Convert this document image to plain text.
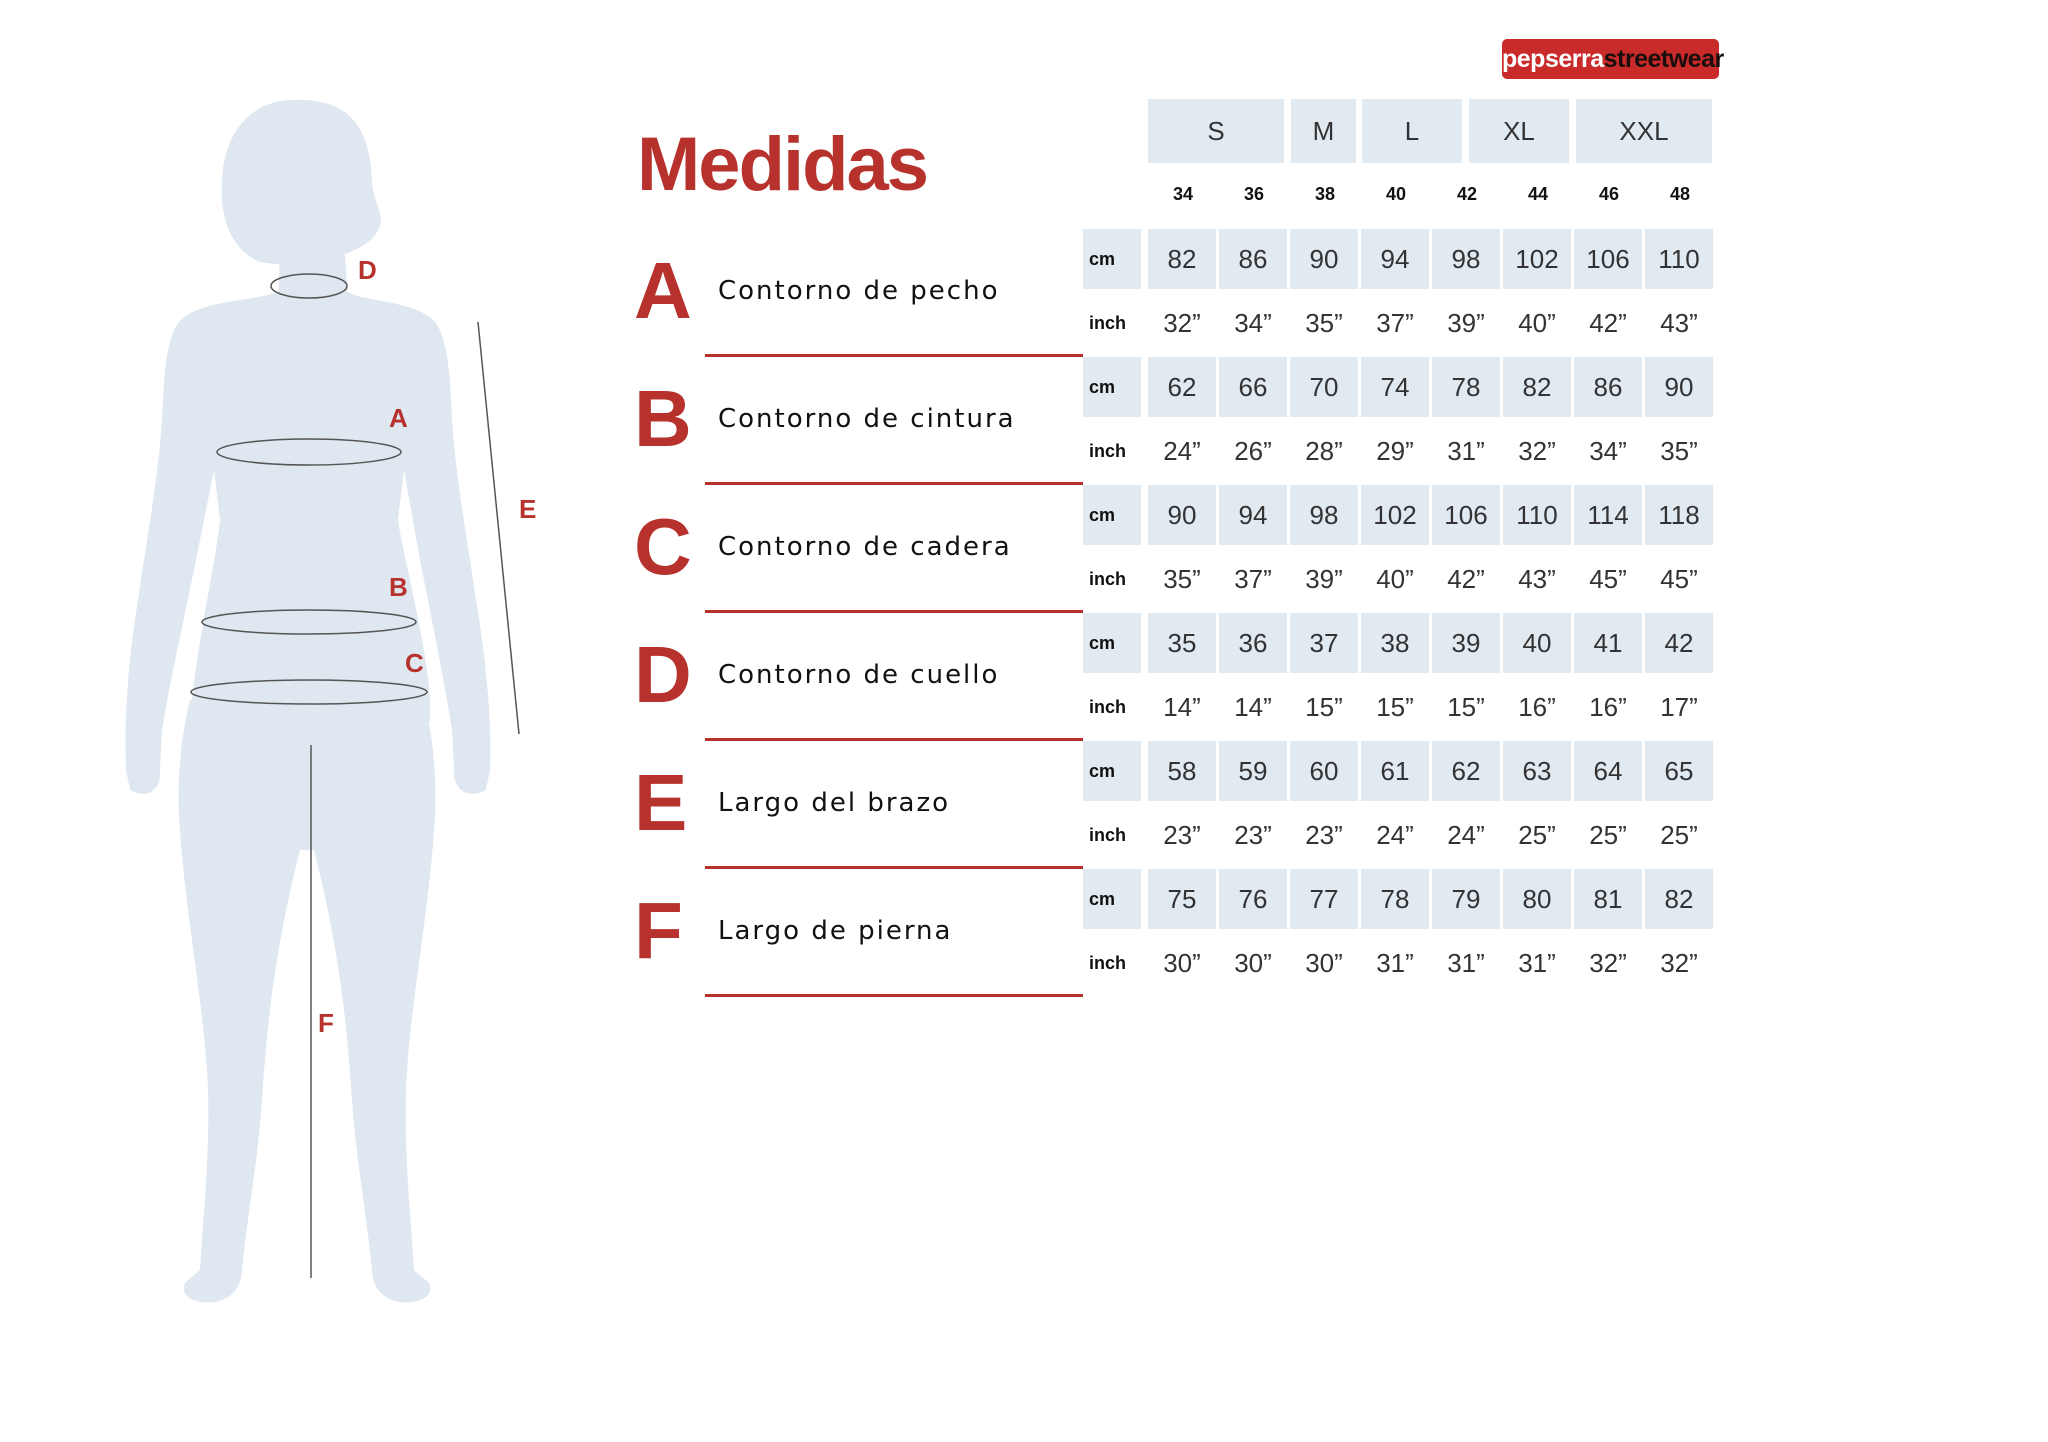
D
A
E
B
C
F
pepserrastreetwear
Medidas	S	M	L	XL	XXL
34	36	38	40	42	44	46	48
A Contorno de pecho
cm	82	86	90	94	98	102	106	110
inch	32”	34”	35”	37”	39”	40”	42”	43”
B Contorno de cintura
cm	62	66	70	74	78	82	86	90
inch	24”	26”	28”	29”	31”	32”	34”	35”
C Contorno de cadera
cm	90	94	98	102	106	110	114	118
inch	35”	37”	39”	40”	42”	43”	45”	45”
D Contorno de cuello
cm	35	36	37	38	39	40	41	42
inch	14”	14”	15”	15”	15”	16”	16”	17”
E Largo del brazo
cm	58	59	60	61	62	63	64	65
inch	23”	23”	23”	24”	24”	25”	25”	25”
F	Largo de pierna
cm	75	76	77	78	79	80	81	82
inch	30”	30”	30”	31”	31”	31”	32”	32”
